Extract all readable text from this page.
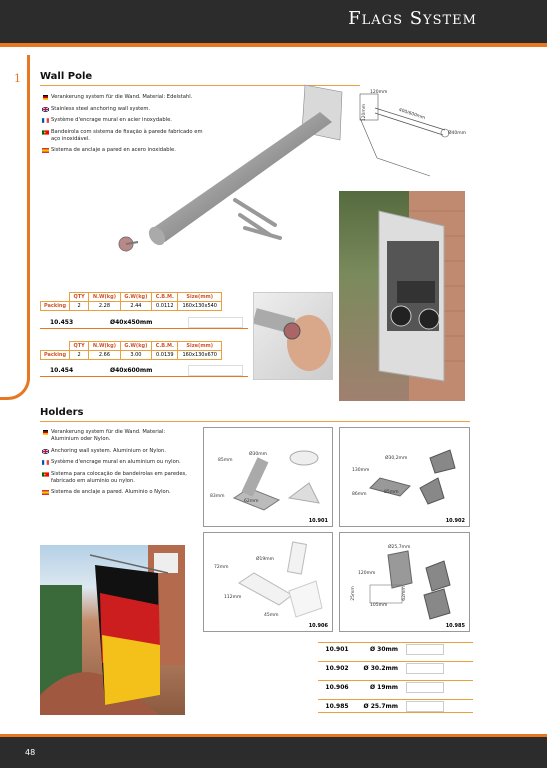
Flags System
1 Wall Pole
Verankerung system für die Wand. Material: Edelstahl.
Stainless steel anchoring wall system.
Système d'encrage mural en acier inoxydable.
Bandeirola com sistema de fixação à parede fabricado em aço inoxidável.
Sistema de anclaje a pared en acero inoxidable.
120mm
120mm	400/600mm
Ø40mm
	QTY	N.W(kg)	G.W(kg)	C.B.M.	Size(mm)
Packing	2	2.28	2.44	0.0112	160x130x540
10.453	Ø40x450mm
	QTY	N.W(kg)	G.W(kg)	C.B.M.	Size(mm)
Packing	2	2.66	3.00	0.0139	160x130x670
10.454	Ø40x600mm
Holders
Verankerung system für die Wand. Material: Aluminium oder Nylon.
Anchoring wall system. Aluminium or Nylon.
Système d'encrage mural en aluminium ou nylon.
Sistema para colocação de bandeirolas em paredes, fabricado em alumínio ou nylon.
Sistema de anclaje a pared. Aluminio o Nylon.
Ø30mm
85mm
83mm
62mm
10.901
Ø30,2mm
130mm
86mm	85mm
10.902
Ø19mm
72mm
112mm
45mm
10.906
Ø25,7mm
120mm
25mm
105mm
62mm
10.985
10.901	Ø 30mm
10.902	Ø 30.2mm
10.906	Ø 19mm
10.985	Ø 25.7mm
48
